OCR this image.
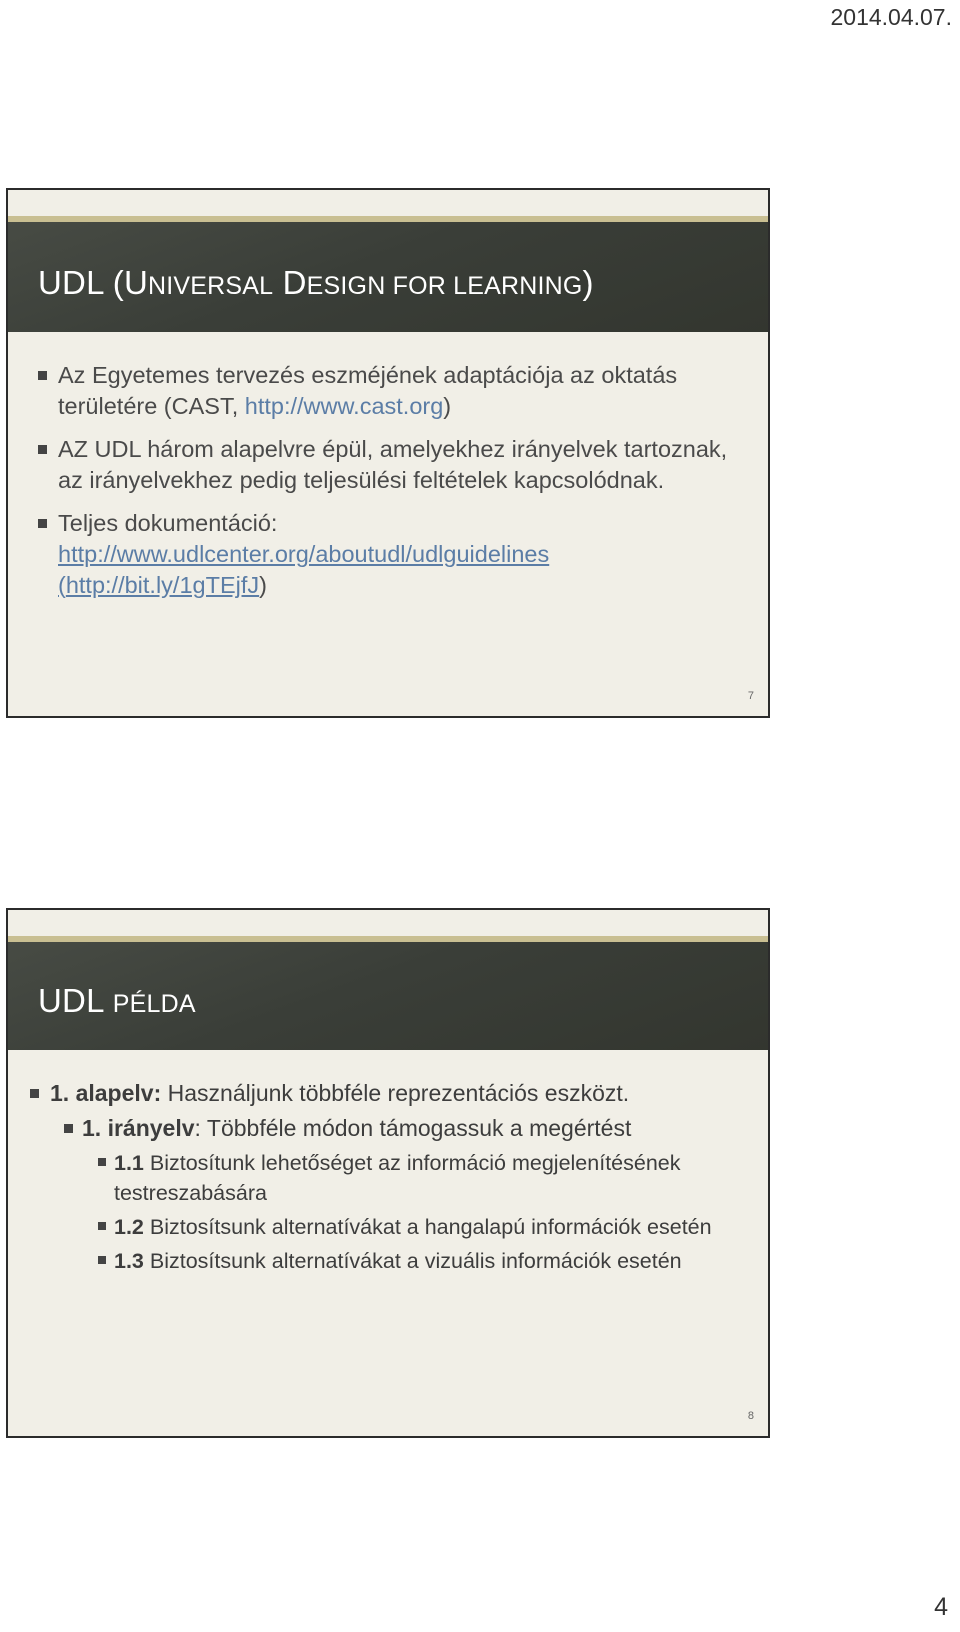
2014.04.07.
UDL (UNIVERSAL DESIGN FOR LEARNING)
Az Egyetemes tervezés eszméjének adaptációja az oktatás területére (CAST, http://www.cast.org)
AZ UDL három alapelvre épül, amelyekhez irányelvek tartoznak, az irányelvekhez pedig teljesülési feltételek kapcsolódnak.
Teljes dokumentáció:
http://www.udlcenter.org/aboutudl/udlguidelines
(http://bit.ly/1gTEjfJ)
7
UDL PÉLDA
1. alapelv: Használjunk többféle reprezentációs eszközt.
1. irányelv: Többféle módon támogassuk a megértést
1.1 Biztosítunk lehetőséget az információ megjelenítésének testreszabására
1.2 Biztosítsunk alternatívákat a hangalapú információk esetén
1.3 Biztosítsunk alternatívákat a vizuális információk esetén
8
4
